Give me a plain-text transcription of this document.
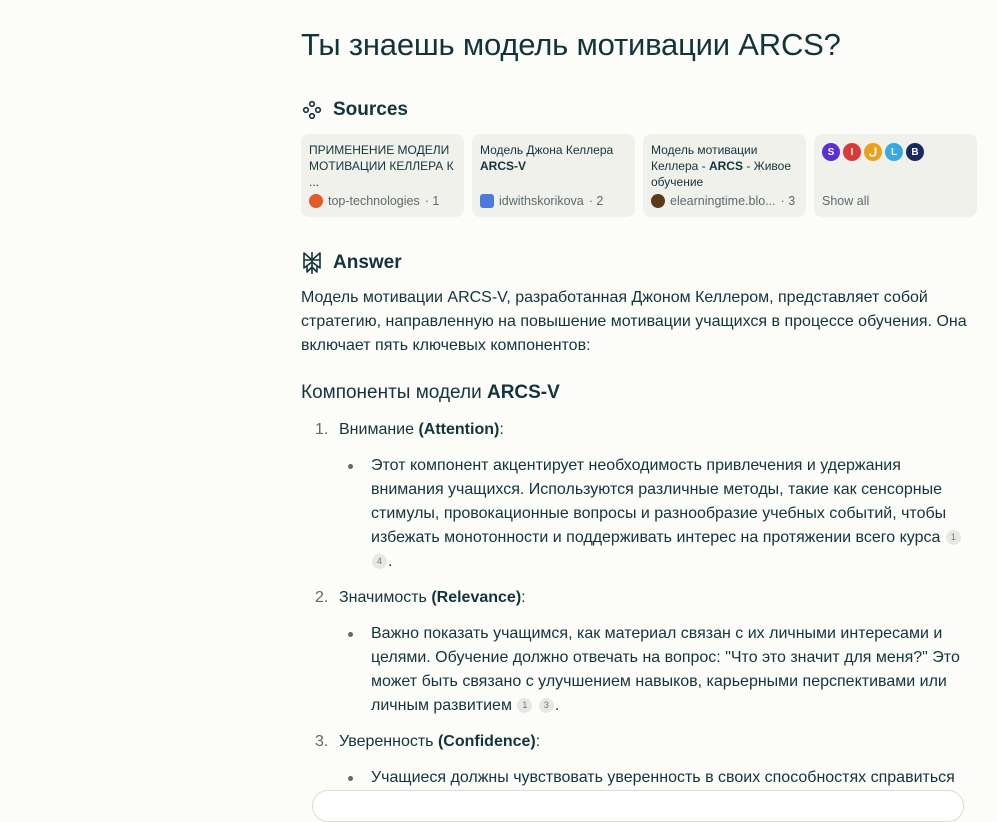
Ты знаешь модель мотивации ARCS?
Sources
ПРИМЕНЕНИЕ МОДЕЛИ МОТИВАЦИИ КЕЛЛЕРА К ...
top-technologies · 1
Модель Джона Келлера
ARCS-V
idwithskorikova · 2
Модель мотивации Келлера - ARCS - Живое обучение
elearningtime.blo... · 3
S	I	ل	L	B
Show all
Answer

Модель мотивации ARCS-V, разработанная Джоном Келлером, представляет собой стратегию, направленную на повышение мотивации учащихся в процессе обучения. Она включает пять ключевых компонентов:

Компоненты модели ARCS-V
1. Внимание (Attention):
Этот компонент акцентирует необходимость привлечения и удержания внимания учащихся. Используются различные методы, такие как сенсорные стимулы, провокационные вопросы и разнообразие учебных событий, чтобы избежать монотонности и поддерживать интерес на протяжении всего курса 1 4 .
2. Значимость (Relevance):
Важно показать учащимся, как материал связан с их личными интересами и целями. Обучение должно отвечать на вопрос: "Что это значит для меня?" Это может быть связано с улучшением навыков, карьерными перспективами или личным развитием 1 3 .
3. Уверенность (Confidence):
Учащиеся должны чувствовать уверенность в своих способностях справиться
